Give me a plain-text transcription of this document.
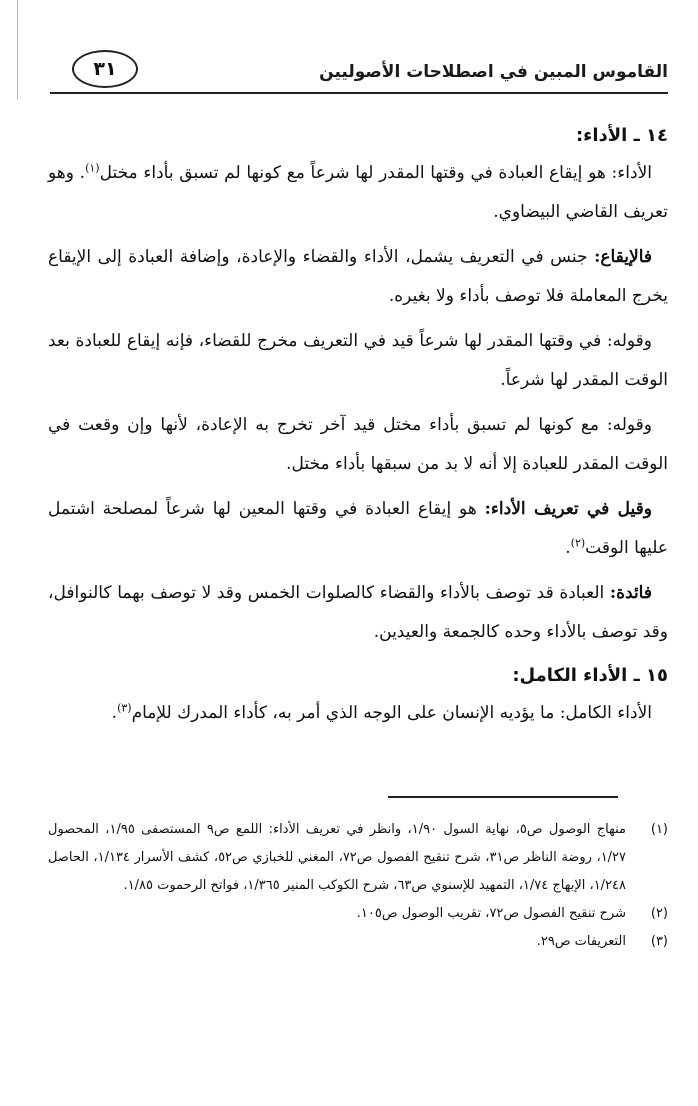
القاموس المبين في اصطلاحات الأصوليين
٣١
١٤ ـ الأداء:

الأداء: هو إيقاع العبادة في وقتها المقدر لها شرعاً مع كونها لم تسبق بأداء مختل$^{(١)}$. وهو تعريف القاضي البيضاوي.

فالإيقاع: جنس في التعريف يشمل، الأداء والقضاء والإعادة، وإضافة العبادة إلى الإيقاع يخرج المعاملة فلا توصف بأداء ولا بغيره.

وقوله: في وقتها المقدر لها شرعاً قيد في التعريف مخرج للقضاء، فإنه إيقاع للعبادة بعد الوقت المقدر لها شرعاً.

وقوله: مع كونها لم تسبق بأداء مختل قيد آخر تخرج به الإعادة، لأنها وإن وقعت في الوقت المقدر للعبادة إلا أنه لا بد من سبقها بأداء مختل.

وقيل في تعريف الأداء: هو إيقاع العبادة في وقتها المعين لها شرعاً لمصلحة اشتمل عليها الوقت$^{(٢)}$.

فائدة: العبادة قد توصف بالأداء والقضاء كالصلوات الخمس وقد لا توصف بهما كالنوافل، وقد توصف بالأداء وحده كالجمعة والعيدين.

١٥ ـ الأداء الكامل:

الأداء الكامل: ما يؤديه الإنسان على الوجه الذي أمر به، كأداء المدرك للإمام$^{(٣)}$.

(١)
منهاج الوصول ص٥، نهاية السول ١/٩٠، وانظر في تعريف الأداء: اللمع ص٩ المستصفى ١/٩٥، المحصول ١/٢٧، روضة الناظر ص٣١، شرح تنقيح الفصول ص٧٢، المغني للخبازي ص٥٢، كشف الأسرار ١/١٣٤، الحاصل ١/٢٤٨، الإبهاج ١/٧٤، التمهيد للإسنوي ص٦٣، شرح الكوكب المنير ١/٣٦٥، فواتح الرحموت ١/٨٥.
(٢)
شرح تنقيح الفصول ص٧٢، تقريب الوصول ص١٠٥.
(٣)
التعريفات ص٢٩.
